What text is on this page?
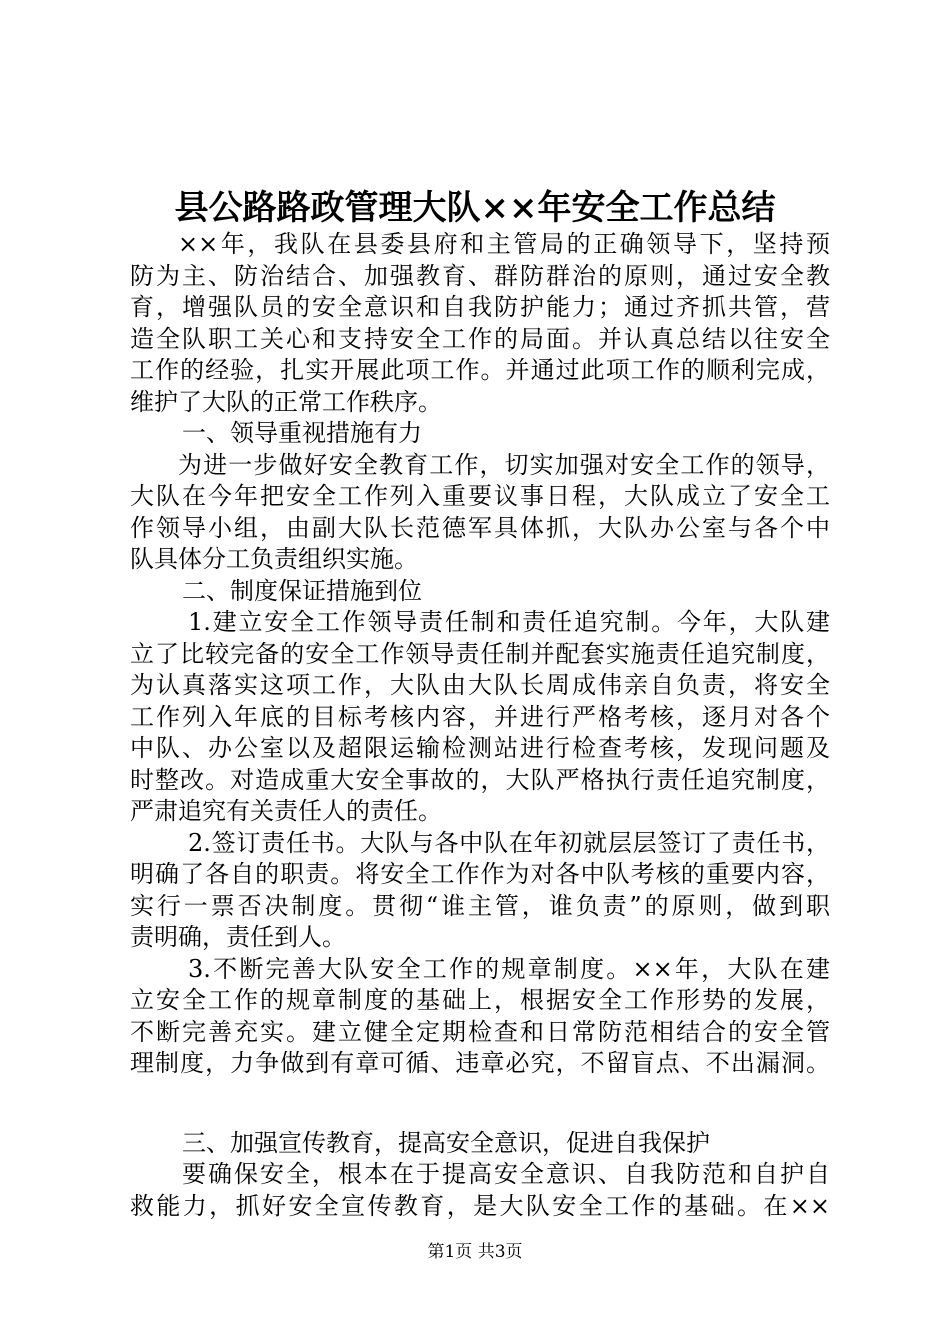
县公路路政管理大队××年安全工作总结
××年，我队在县委县府和主管局的正确领导下，坚持预
防为主、防治结合、加强教育、群防群治的原则，通过安全教
育，增强队员的安全意识和自我防护能力；通过齐抓共管，营
造全队职工关心和支持安全工作的局面。并认真总结以往安全
工作的经验，扎实开展此项工作。并通过此项工作的顺利完成，
维护了大队的正常工作秩序。
一、领导重视措施有力
为进一步做好安全教育工作，切实加强对安全工作的领导，
大队在今年把安全工作列入重要议事日程，大队成立了安全工
作领导小组，由副大队长范德军具体抓，大队办公室与各个中
队具体分工负责组织实施。
二、制度保证措施到位
1.建立安全工作领导责任制和责任追究制。今年，大队建
立了比较完备的安全工作领导责任制并配套实施责任追究制度，
为认真落实这项工作，大队由大队长周成伟亲自负责，将安全
工作列入年底的目标考核内容，并进行严格考核，逐月对各个
中队、办公室以及超限运输检测站进行检查考核，发现问题及
时整改。对造成重大安全事故的，大队严格执行责任追究制度，
严肃追究有关责任人的责任。
2.签订责任书。大队与各中队在年初就层层签订了责任书，
明确了各自的职责。将安全工作作为对各中队考核的重要内容，
实行一票否决制度。贯彻“谁主管，谁负责”的原则，做到职
责明确，责任到人。
3.不断完善大队安全工作的规章制度。××年，大队在建
立安全工作的规章制度的基础上，根据安全工作形势的发展，
不断完善充实。建立健全定期检查和日常防范相结合的安全管
理制度，力争做到有章可循、违章必究，不留盲点、不出漏洞。
三、加强宣传教育，提高安全意识，促进自我保护
要确保安全，根本在于提高安全意识、自我防范和自护自
救能力，抓好安全宣传教育，是大队安全工作的基础。在××
第1页 共3页
